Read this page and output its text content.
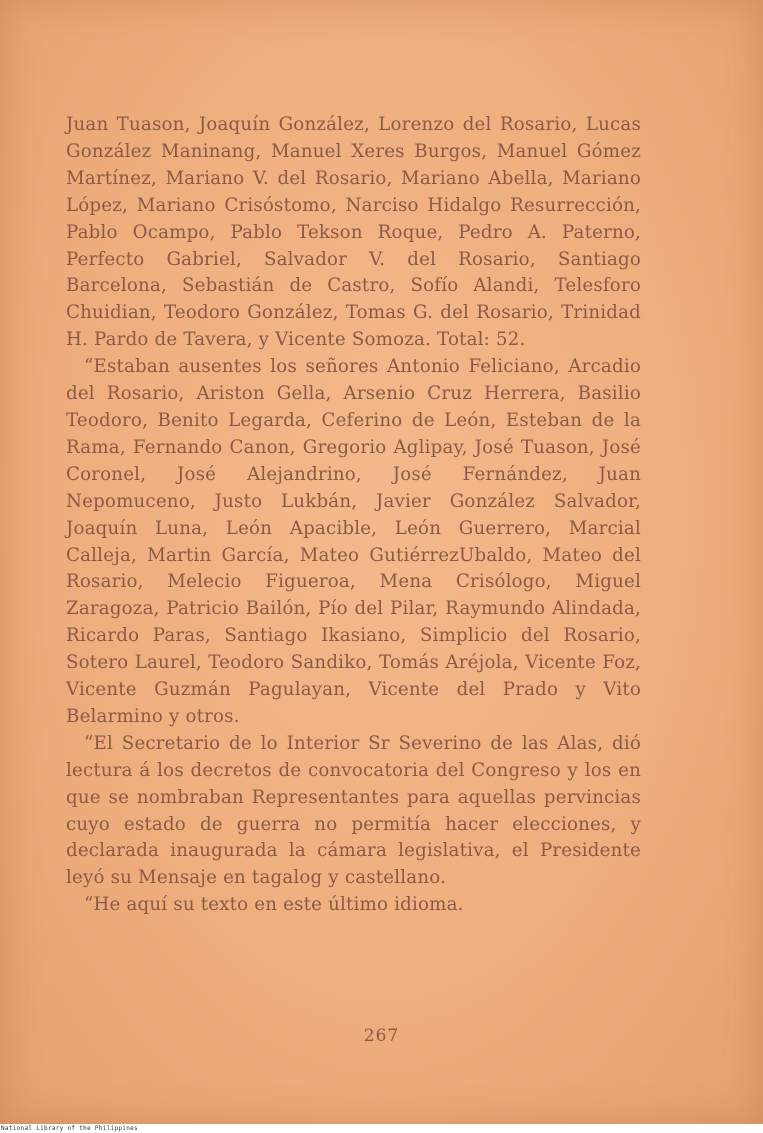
Juan Tuason, Joaquín González, Lorenzo del Rosario, Lucas González Maninang, Manuel Xeres Burgos, Manuel Gómez Martínez, Mariano V. del Rosario, Mariano Abella, Mariano López, Mariano Crisóstomo, Narciso Hidalgo Resurrección, Pablo Ocampo, Pablo Tekson Roque, Pedro A. Paterno, Perfecto Gabriel, Salvador V. del Rosario, Santiago Barcelona, Sebastián de Castro, Sofío Alandi, Telesforo Chuidian, Teodoro González, Tomas G. del Rosario, Trinidad H. Pardo de Tavera, y Vicente Somoza. Total: 52.

“Estaban ausentes los señores Antonio Feliciano, Arcadio del Rosario, Ariston Gella, Arsenio Cruz Herrera, Basilio Teodoro, Benito Legarda, Ceferino de León, Esteban de la Rama, Fernando Canon, Gregorio Aglipay, José Tuason, José Coronel, José Alejandrino, José Fernández, Juan Nepomuceno, Justo Lukbán, Javier González Salvador, Joaquín Luna, León Apacible, León Guerrero, Marcial Calleja, Martin García, Mateo GutiérrezUbaldo, Mateo del Rosario, Melecio Figueroa, Mena Crisólogo, Miguel Zaragoza, Patricio Bailón, Pío del Pilar, Raymundo Alindada, Ricardo Paras, Santiago Ikasiano, Simplicio del Rosario, Sotero Laurel, Teodoro Sandiko, Tomás Aréjola, Vicente Foz, Vicente Guzmán Pagulayan, Vicente del Prado y Vito Belarmino y otros.

“El Secretario de lo Interior Sr Severino de las Alas, dió lectura á los decretos de convocatoria del Congreso y los en que se nombraban Representantes para aquellas pervincias cuyo estado de guerra no permitía hacer elecciones, y declarada inaugurada la cámara legislativa, el Presidente leyó su Mensaje en tagalog y castellano.

“He aquí su texto en este último idioma.

267
National Library of the Philippines
